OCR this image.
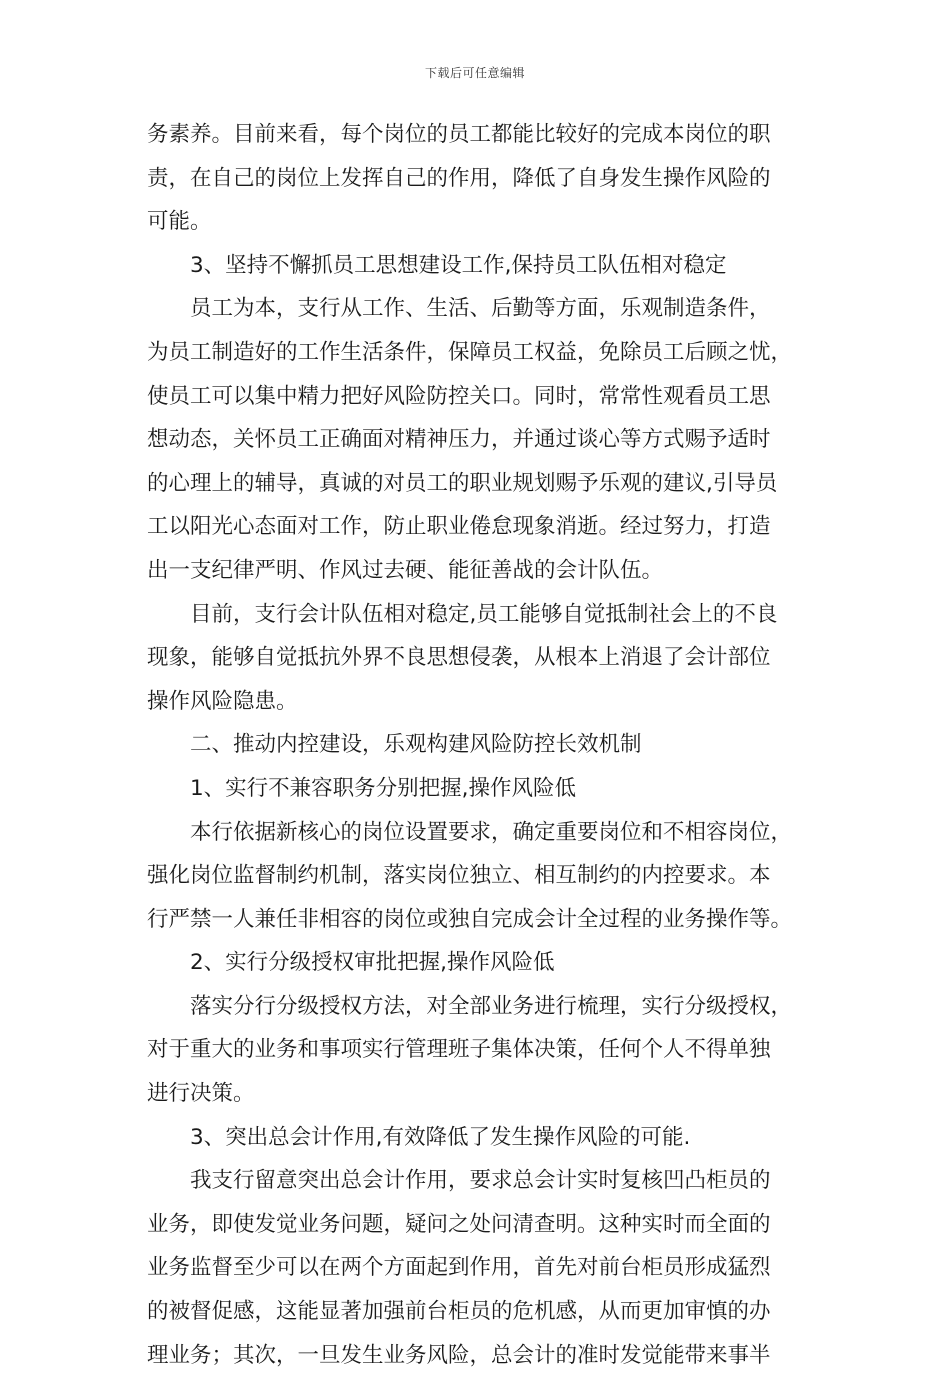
下载后可任意编辑
务素养。目前来看，每个岗位的员工都能比较好的完成本岗位的职
责，在自己的岗位上发挥自己的作用，降低了自身发生操作风险的
可能。
3、坚持不懈抓员工思想建设工作,保持员工队伍相对稳定
员工为本，支行从工作、生活、后勤等方面，乐观制造条件，
为员工制造好的工作生活条件，保障员工权益，免除员工后顾之忧，
使员工可以集中精力把好风险防控关口。同时，常常性观看员工思
想动态，关怀员工正确面对精神压力，并通过谈心等方式赐予适时
的心理上的辅导，真诚的对员工的职业规划赐予乐观的建议,引导员
工以阳光心态面对工作，防止职业倦怠现象消逝。经过努力，打造
出一支纪律严明、作风过去硬、能征善战的会计队伍。
目前，支行会计队伍相对稳定,员工能够自觉抵制社会上的不良
现象，能够自觉抵抗外界不良思想侵袭，从根本上消退了会计部位
操作风险隐患。
二、推动内控建设，乐观构建风险防控长效机制
1、实行不兼容职务分别把握,操作风险低
本行依据新核心的岗位设置要求，确定重要岗位和不相容岗位，
强化岗位监督制约机制，落实岗位独立、相互制约的内控要求。本
行严禁一人兼任非相容的岗位或独自完成会计全过程的业务操作等。
2、实行分级授权审批把握,操作风险低
落实分行分级授权方法，对全部业务进行梳理，实行分级授权，
对于重大的业务和事项实行管理班子集体决策，任何个人不得单独
进行决策。
3、突出总会计作用,有效降低了发生操作风险的可能.
我支行留意突出总会计作用，要求总会计实时复核凹凸柜员的
业务，即使发觉业务问题，疑问之处问清查明。这种实时而全面的
业务监督至少可以在两个方面起到作用，首先对前台柜员形成猛烈
的被督促感，这能显著加强前台柜员的危机感，从而更加审慎的办
理业务；其次，一旦发生业务风险，总会计的准时发觉能带来事半
